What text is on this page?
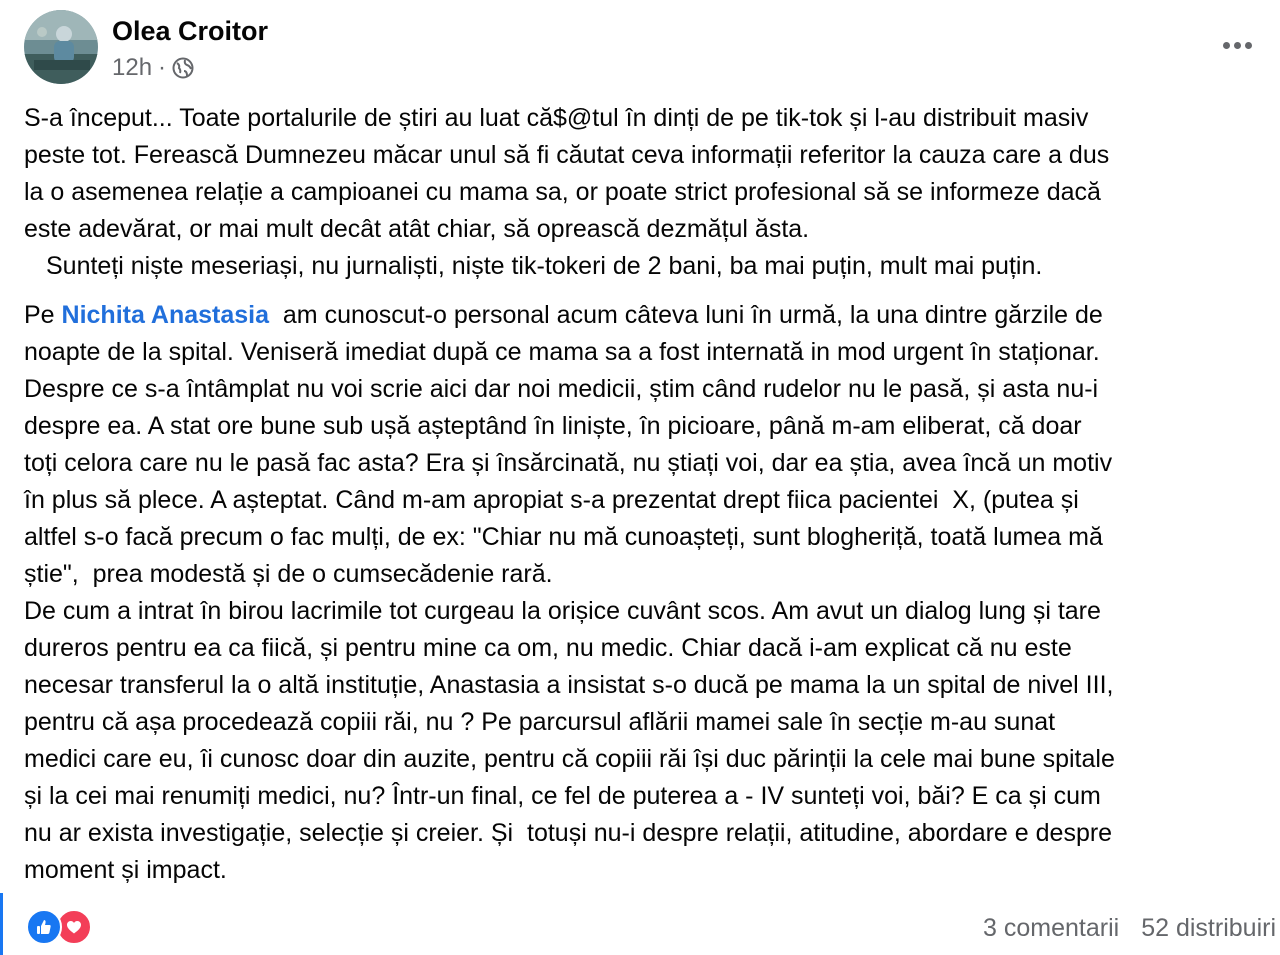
Olea Croitor
12h ·

S-a început... Toate portalurile de știri au luat că$@tul în dinți de pe tik-tok și l-au distribuit masiv
peste tot. Ferească Dumnezeu măcar unul să fi căutat ceva informații referitor la cauza care a dus
la o asemenea relație a campioanei cu mama sa, or poate strict profesional să se informeze dacă
este adevărat, or mai mult decât atât chiar, să oprească dezmățul ăsta.
Sunteți niște meseriași, nu jurnaliști, niște tik-tokeri de 2 bani, ba mai puțin, mult mai puțin.

Pe Nichita Anastasia  am cunoscut-o personal acum câteva luni în urmă, la una dintre gărzile de
noapte de la spital. Veniseră imediat după ce mama sa a fost internată in mod urgent în staționar.
Despre ce s-a întâmplat nu voi scrie aici dar noi medicii, știm când rudelor nu le pasă, și asta nu-i
despre ea. A stat ore bune sub ușă așteptând în liniște, în picioare, până m-am eliberat, că doar
toți celora care nu le pasă fac asta? Era și însărcinată, nu știați voi, dar ea știa, avea încă un motiv
în plus să plece. A așteptat. Când m-am apropiat s-a prezentat drept fiica pacientei  X, (putea și
altfel s-o facă precum o fac mulți, de ex: "Chiar nu mă cunoașteți, sunt blogheriță, toată lumea mă
știe",  prea modestă și de o cumsecădenie rară.
De cum a intrat în birou lacrimile tot curgeau la orișice cuvânt scos. Am avut un dialog lung și tare
dureros pentru ea ca fiică, și pentru mine ca om, nu medic. Chiar dacă i-am explicat că nu este
necesar transferul la o altă instituție, Anastasia a insistat s-o ducă pe mama la un spital de nivel III,
pentru că așa procedează copiii răi, nu ? Pe parcursul aflării mamei sale în secție m-au sunat
medici care eu, îi cunosc doar din auzite, pentru că copiii răi își duc părinții la cele mai bune spitale
și la cei mai renumiți medici, nu? Într-un final, ce fel de puterea a - IV sunteți voi, băi? E ca și cum
nu ar exista investigație, selecție și creier. Și  totuși nu-i despre relații, atitudine, abordare e despre
moment și impact.

3 comentarii 52 distribuiri
